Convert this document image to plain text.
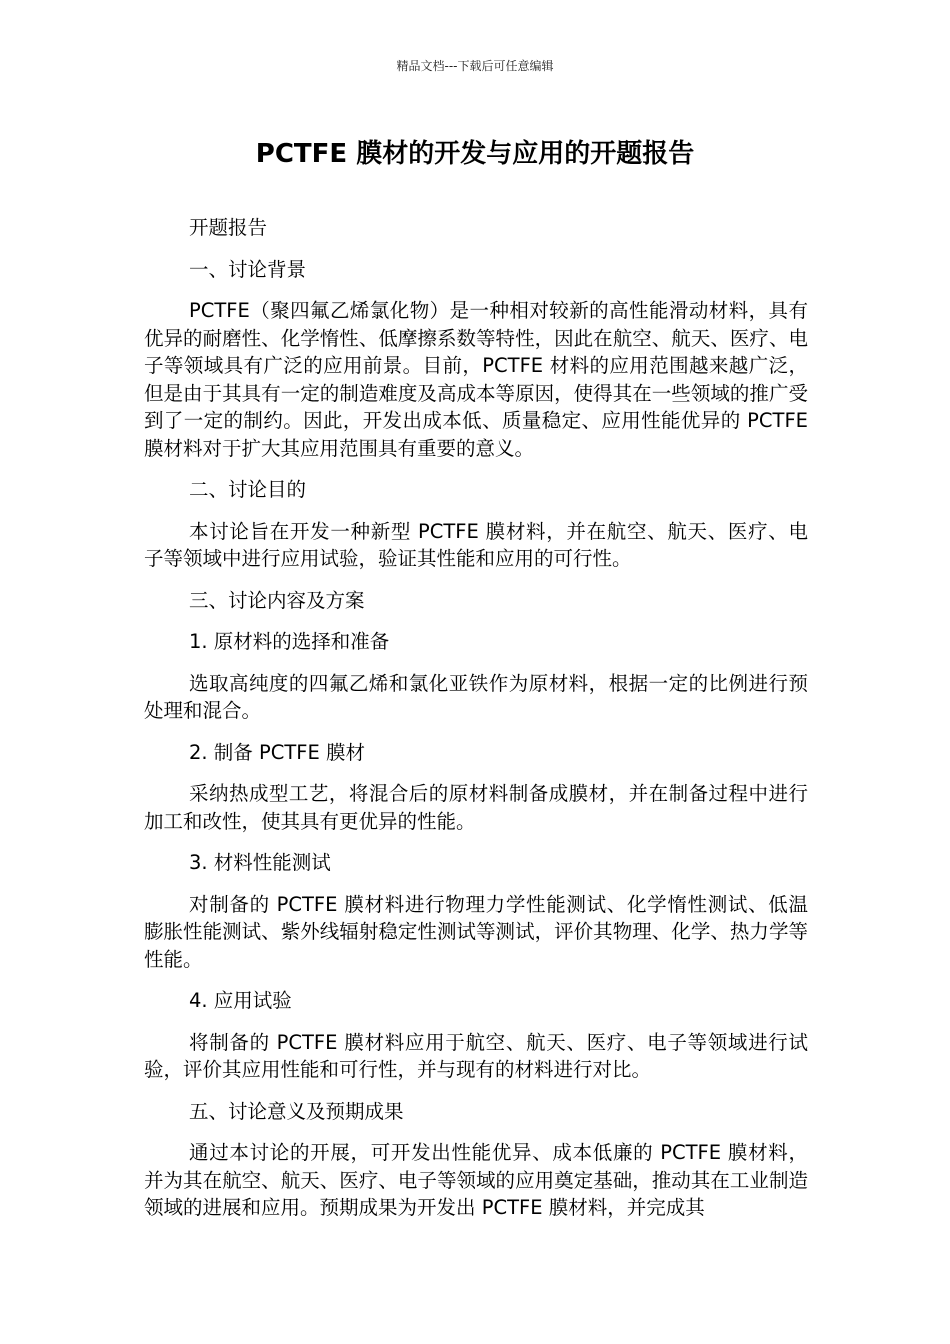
精品文档---下载后可任意编辑
PCTFE 膜材的开发与应用的开题报告

开题报告

一、讨论背景

PCTFE（聚四氟乙烯氯化物）是一种相对较新的高性能滑动材料，具有优异的耐磨性、化学惰性、低摩擦系数等特性，因此在航空、航天、医疗、电子等领域具有广泛的应用前景。目前，PCTFE 材料的应用范围越来越广泛，但是由于其具有一定的制造难度及高成本等原因，使得其在一些领域的推广受到了一定的制约。因此，开发出成本低、质量稳定、应用性能优异的 PCTFE 膜材料对于扩大其应用范围具有重要的意义。

二、讨论目的

本讨论旨在开发一种新型 PCTFE 膜材料，并在航空、航天、医疗、电子等领域中进行应用试验，验证其性能和应用的可行性。

三、讨论内容及方案

1. 原材料的选择和准备

选取高纯度的四氟乙烯和氯化亚铁作为原材料，根据一定的比例进行预处理和混合。

2. 制备 PCTFE 膜材

采纳热成型工艺，将混合后的原材料制备成膜材，并在制备过程中进行加工和改性，使其具有更优异的性能。

3. 材料性能测试

对制备的 PCTFE 膜材料进行物理力学性能测试、化学惰性测试、低温膨胀性能测试、紫外线辐射稳定性测试等测试，评价其物理、化学、热力学等性能。

4. 应用试验

将制备的 PCTFE 膜材料应用于航空、航天、医疗、电子等领域进行试验，评价其应用性能和可行性，并与现有的材料进行对比。

五、讨论意义及预期成果

通过本讨论的开展，可开发出性能优异、成本低廉的 PCTFE 膜材料，并为其在航空、航天、医疗、电子等领域的应用奠定基础，推动其在工业制造领域的进展和应用。预期成果为开发出 PCTFE 膜材料，并完成其
